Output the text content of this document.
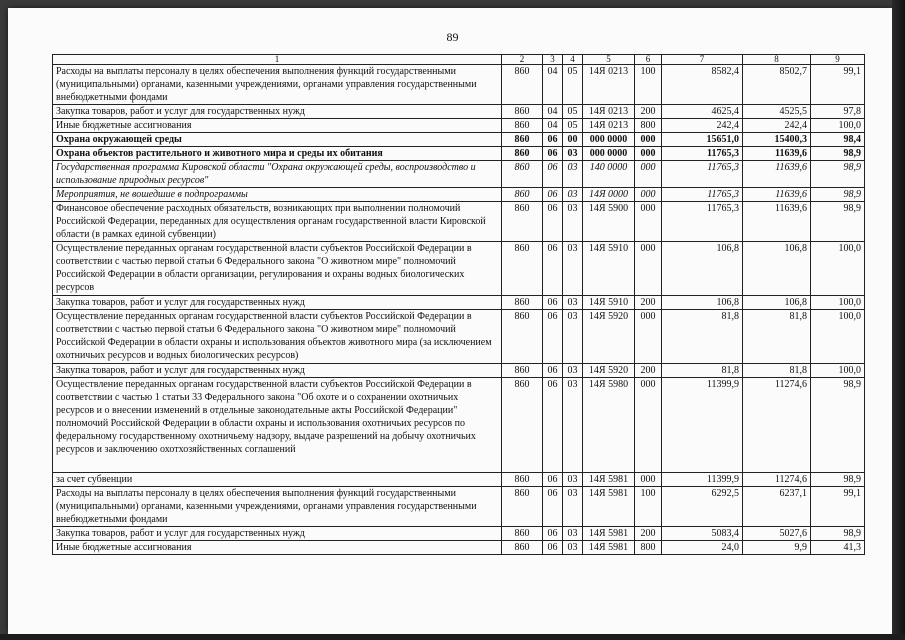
89
1	2	3	4	5	6	7	8	9
Расходы на выплаты персоналу в целях обеспечения выполнения функций государственными (муниципальными) органами, казенными учреждениями, органами управления государственными внебюджетными фондами	860	04	05	14Я 0213	100	8582,4	8502,7	99,1
Закупка товаров, работ и услуг для государственных нужд	860	04	05	14Я 0213	200	4625,4	4525,5	97,8
Иные бюджетные ассигнования	860	04	05	14Я 0213	800	242,4	242,4	100,0
Охрана окружающей среды	860	06	00	000 0000	000	15651,0	15400,3	98,4
Охрана объектов растительного и животного мира и среды их обитания	860	06	03	000 0000	000	11765,3	11639,6	98,9
Государственная программа Кировской области "Охрана окружающей среды, воспроизводство и использование природных ресурсов"	860	06	03	140 0000	000	11765,3	11639,6	98,9
Мероприятия, не вошедшие в подпрограммы	860	06	03	14Я 0000	000	11765,3	11639,6	98,9
Финансовое обеспечение расходных обязательств, возникающих при выполнении полномочий Российской Федерации, переданных для осуществления органам государственной власти Кировской области (в рамках единой субвенции)	860	06	03	14Я 5900	000	11765,3	11639,6	98,9
Осуществление переданных органам государственной власти субъектов Российской Федерации в соответствии с частью первой статьи 6 Федерального закона "О животном мире" полномочий Российской Федерации в области организации, регулирования и охраны водных биологических ресурсов	860	06	03	14Я 5910	000	106,8	106,8	100,0
Закупка товаров, работ и услуг для государственных нужд	860	06	03	14Я 5910	200	106,8	106,8	100,0
Осуществление переданных органам государственной власти субъектов Российской Федерации в соответствии с частью первой статьи 6 Федерального закона "О животном мире" полномочий Российской Федерации в области охраны и использования объектов животного мира (за исключением охотничьих ресурсов и водных биологических ресурсов)	860	06	03	14Я 5920	000	81,8	81,8	100,0
Закупка товаров, работ и услуг для государственных нужд	860	06	03	14Я 5920	200	81,8	81,8	100,0
Осуществление переданных органам государственной власти субъектов Российской Федерации в соответствии с частью 1 статьи 33 Федерального закона "Об охоте и о сохранении охотничьих ресурсов и о внесении изменений в отдельные законодательные акты Российской Федерации" полномочий Российской Федерации в области охраны и использования охотничьих ресурсов по федеральному государственному охотничьему надзору, выдаче разрешений на добычу охотничьих ресурсов и заключению охотхозяйственных соглашений	860	06	03	14Я 5980	000	11399,9	11274,6	98,9
за счет субвенции	860	06	03	14Я 5981	000	11399,9	11274,6	98,9
Расходы на выплаты персоналу в целях обеспечения выполнения функций государственными (муниципальными) органами, казенными учреждениями, органами управления государственными внебюджетными фондами	860	06	03	14Я 5981	100	6292,5	6237,1	99,1
Закупка товаров, работ и услуг для государственных нужд	860	06	03	14Я 5981	200	5083,4	5027,6	98,9
Иные бюджетные ассигнования	860	06	03	14Я 5981	800	24,0	9,9	41,3
